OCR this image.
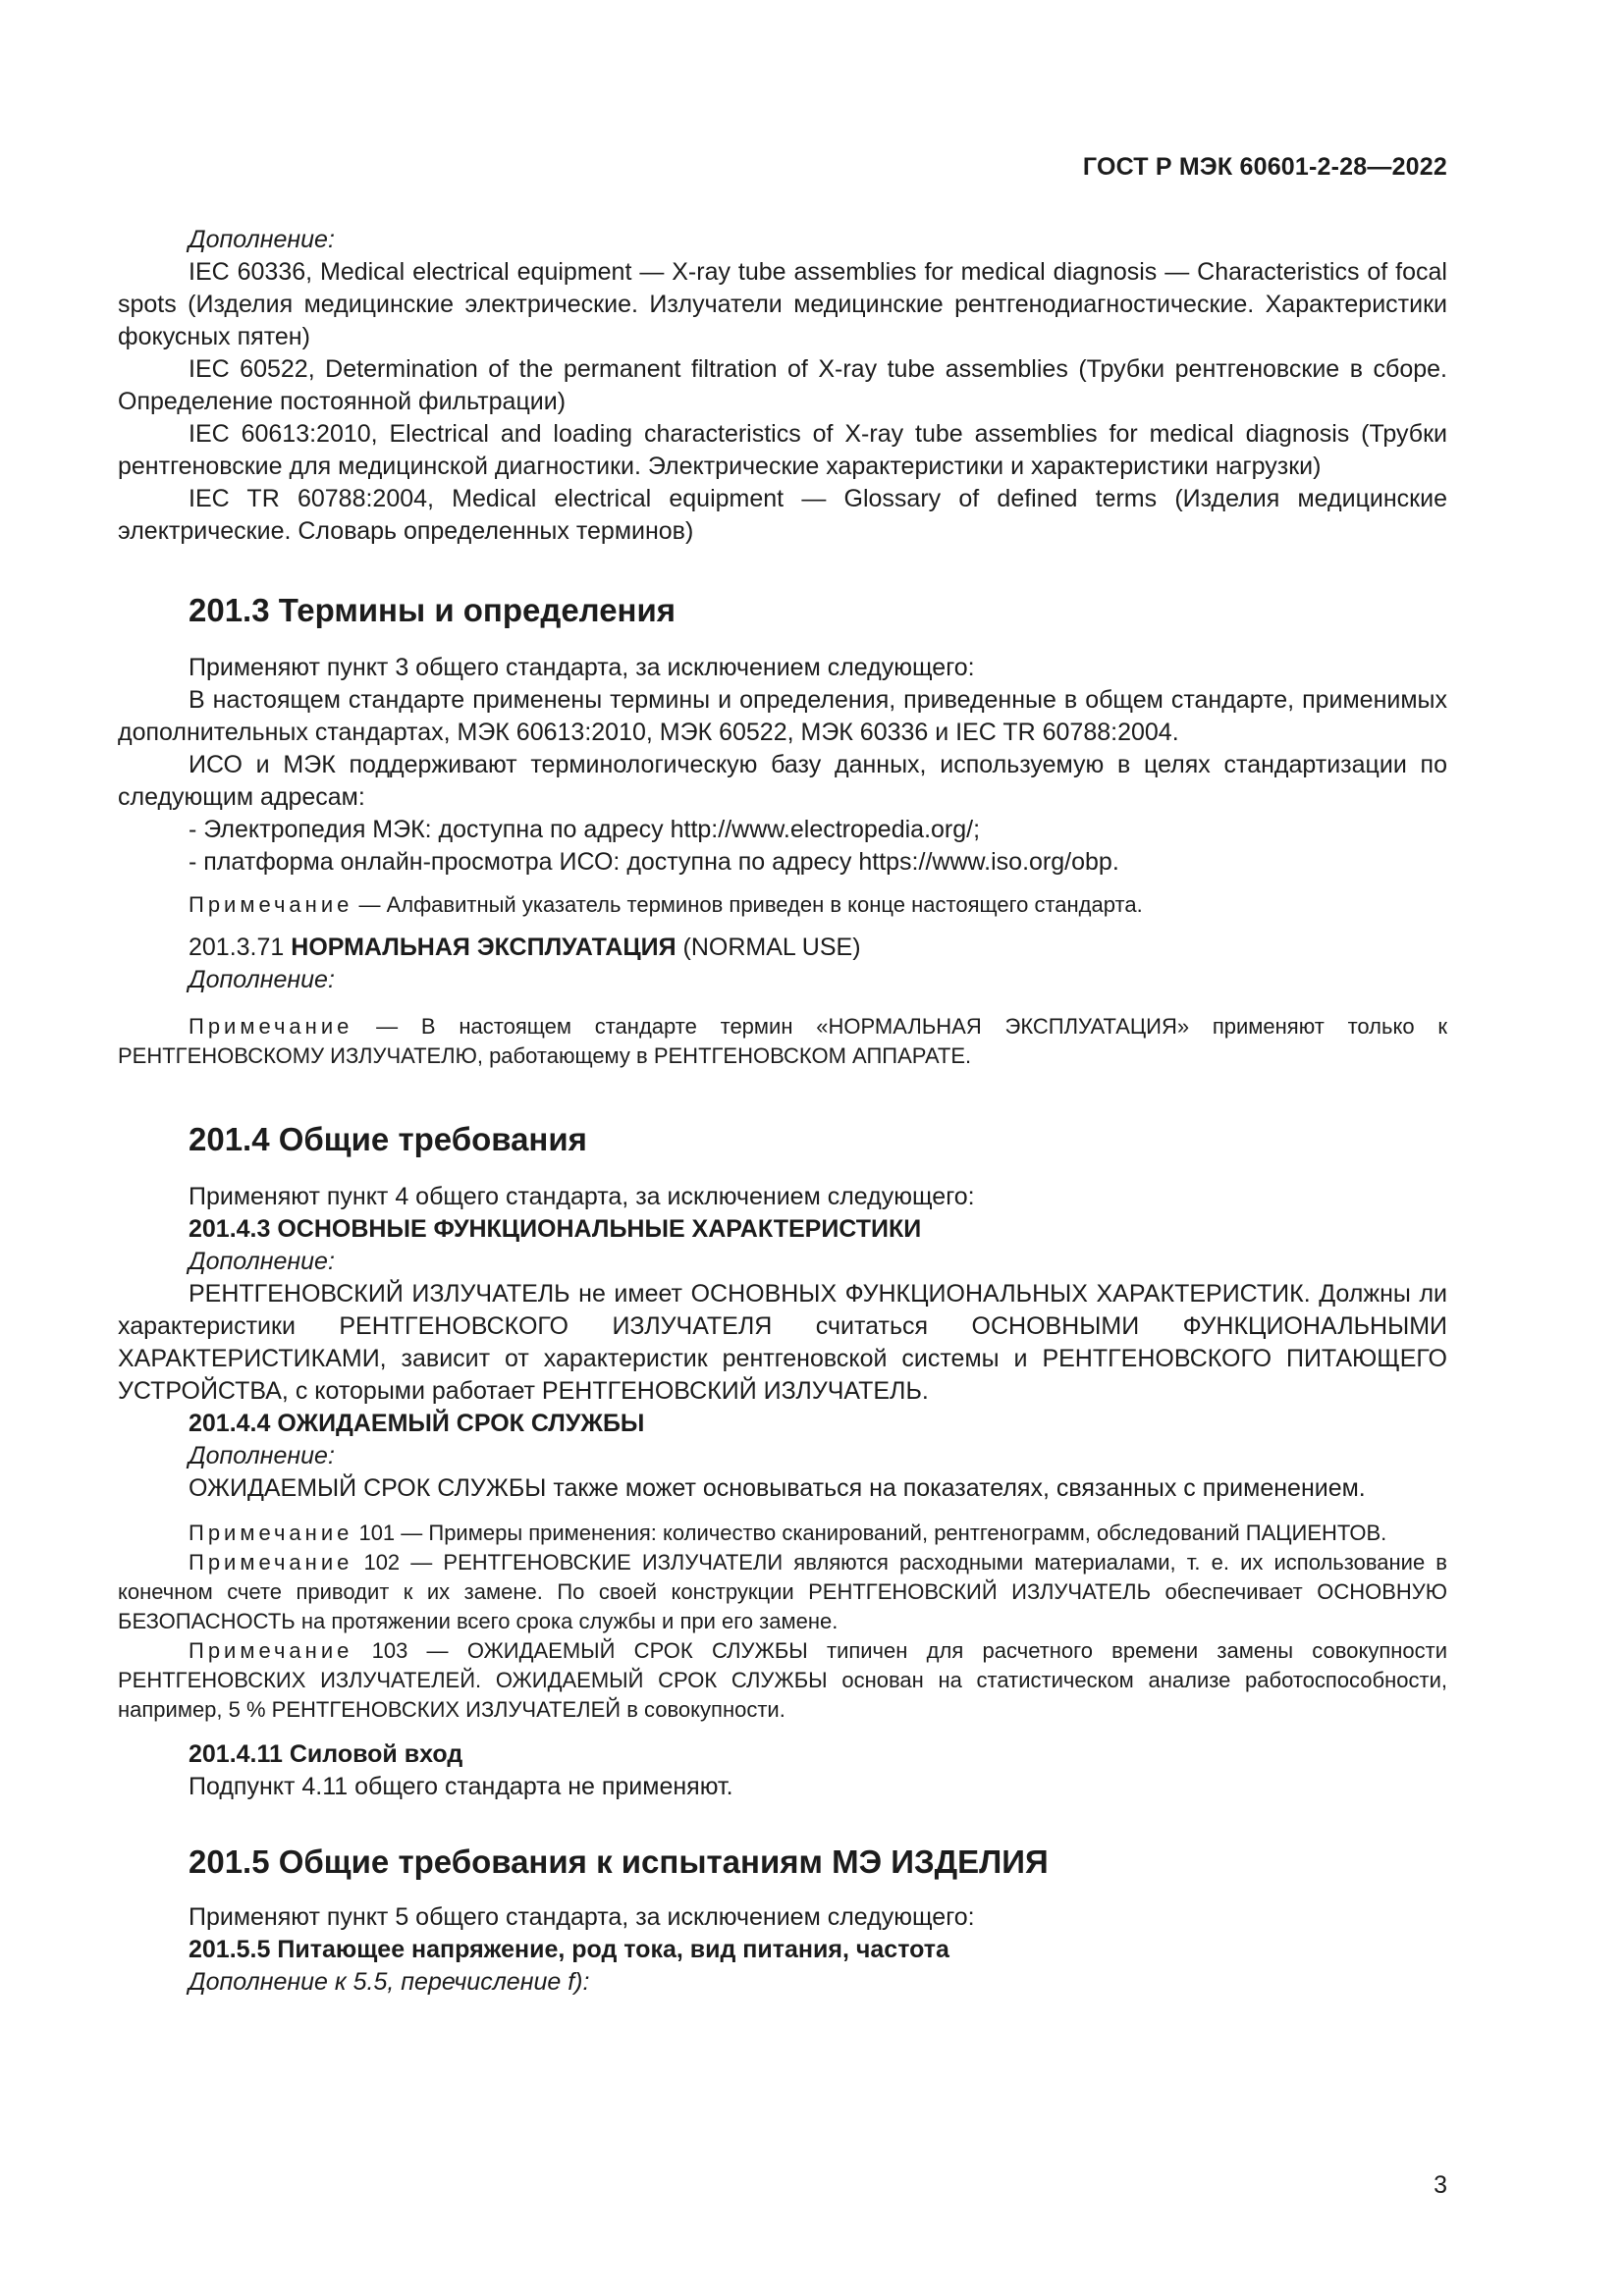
ГОСТ Р МЭК 60601-2-28—2022

Дополнение:

IEC 60336, Medical electrical equipment — X-ray tube assemblies for medical diagnosis — Characteristics of focal spots (Изделия медицинские электрические. Излучатели медицинские рентгенодиагностические. Характеристики фокусных пятен)

IEC 60522, Determination of the permanent filtration of X-ray tube assemblies (Трубки рентгеновские в сборе. Определение постоянной фильтрации)

IEC 60613:2010, Electrical and loading characteristics of X-ray tube assemblies for medical diagnosis (Трубки рентгеновские для медицинской диагностики. Электрические характеристики и характеристики нагрузки)

IEC TR 60788:2004, Medical electrical equipment — Glossary of defined terms (Изделия медицинские электрические. Словарь определенных терминов)

201.3 Термины и определения

Применяют пункт 3 общего стандарта, за исключением следующего:

В настоящем стандарте применены термины и определения, приведенные в общем стандарте, применимых дополнительных стандартах, МЭК 60613:2010, МЭК 60522, МЭК 60336 и IEC TR 60788:2004.

ИСО и МЭК поддерживают терминологическую базу данных, используемую в целях стандартизации по следующим адресам:

- Электропедия МЭК: доступна по адресу http://www.electropedia.org/;

- платформа онлайн-просмотра ИСО: доступна по адресу https://www.iso.org/obp.

Примечание — Алфавитный указатель терминов приведен в конце настоящего стандарта.

201.3.71 НОРМАЛЬНАЯ ЭКСПЛУАТАЦИЯ (NORMAL USE)

Дополнение:

Примечание — В настоящем стандарте термин «НОРМАЛЬНАЯ ЭКСПЛУАТАЦИЯ» применяют только к РЕНТГЕНОВСКОМУ ИЗЛУЧАТЕЛЮ, работающему в РЕНТГЕНОВСКОМ АППАРАТЕ.

201.4 Общие требования

Применяют пункт 4 общего стандарта, за исключением следующего:

201.4.3 ОСНОВНЫЕ ФУНКЦИОНАЛЬНЫЕ ХАРАКТЕРИСТИКИ

Дополнение:

РЕНТГЕНОВСКИЙ ИЗЛУЧАТЕЛЬ не имеет ОСНОВНЫХ ФУНКЦИОНАЛЬНЫХ ХАРАКТЕРИСТИК. Должны ли характеристики РЕНТГЕНОВСКОГО ИЗЛУЧАТЕЛЯ считаться ОСНОВНЫМИ ФУНКЦИОНАЛЬНЫМИ ХАРАКТЕРИСТИКАМИ, зависит от характеристик рентгеновской системы и РЕНТГЕНОВСКОГО ПИТАЮЩЕГО УСТРОЙСТВА, с которыми работает РЕНТГЕНОВСКИЙ ИЗЛУЧАТЕЛЬ.

201.4.4 ОЖИДАЕМЫЙ СРОК СЛУЖБЫ

Дополнение:

ОЖИДАЕМЫЙ СРОК СЛУЖБЫ также может основываться на показателях, связанных с применением.

Примечание 101 — Примеры применения: количество сканирований, рентгенограмм, обследований ПАЦИЕНТОВ.

Примечание 102 — РЕНТГЕНОВСКИЕ ИЗЛУЧАТЕЛИ являются расходными материалами, т. е. их использование в конечном счете приводит к их замене. По своей конструкции РЕНТГЕНОВСКИЙ ИЗЛУЧАТЕЛЬ обеспечивает ОСНОВНУЮ БЕЗОПАСНОСТЬ на протяжении всего срока службы и при его замене.

Примечание 103 — ОЖИДАЕМЫЙ СРОК СЛУЖБЫ типичен для расчетного времени замены совокупности РЕНТГЕНОВСКИХ ИЗЛУЧАТЕЛЕЙ. ОЖИДАЕМЫЙ СРОК СЛУЖБЫ основан на статистическом анализе работоспособности, например, 5 % РЕНТГЕНОВСКИХ ИЗЛУЧАТЕЛЕЙ в совокупности.

201.4.11 Силовой вход

Подпункт 4.11 общего стандарта не применяют.

201.5 Общие требования к испытаниям МЭ ИЗДЕЛИЯ

Применяют пункт 5 общего стандарта, за исключением следующего:

201.5.5 Питающее напряжение, род тока, вид питания, частота

Дополнение к 5.5, перечисление f):

3
